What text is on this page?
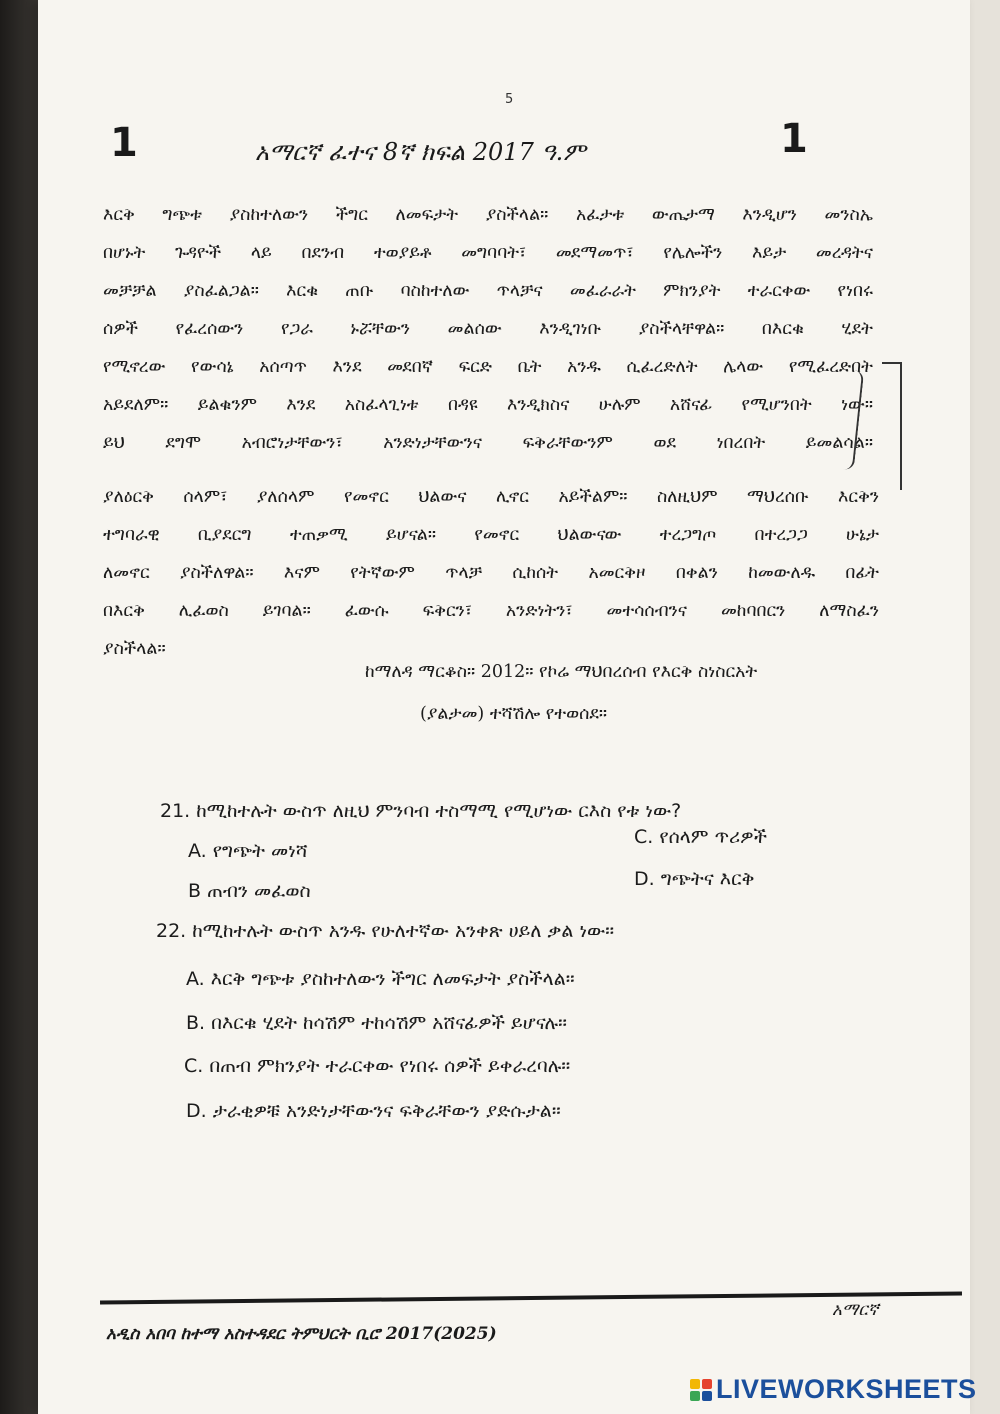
5
1	1
አማርኛ ፈተና 8ኛ ክፍል 2017 ዓ.ም
እርቅ ግጭቱ ያስከተለውን ችግር ለመፍታት ያስችላል። አፈታቱ ውጤታማ እንዲሆን መንስኤ
በሆኑት ጉዳዮች ላይ በደንብ ተወያይቶ መግባባት፣ መደማመጥ፣ የሌሎችን እይታ መረዳትና
መቻቻል ያስፈልጋል። እርቁ ጠቡ ባስከተለው ጥላቻና መፈራራት ምክንያት ተራርቀው የነበሩ
ሰዎች የፈረሰውን የጋራ ኑሯቸውን መልሰው እንዲገነቡ ያስችላቸዋል። በእርቁ ሂደት
የሚኖረው የውሳኔ አሰጣጥ እንደ መደበኛ ፍርድ ቤት አንዱ ሲፈረድለት ሌላው የሚፈረድበት
አይደለም። ይልቁንም እንደ አስፈላጊነቱ በዳዩ እንዲክስና ሁሉም አሸናፊ የሚሆንበት ነው።
ይህ ደግሞ አብሮነታቸውን፣ አንድነታቸውንና ፍቅራቸውንም ወደ ነበረበት ይመልሳል።
ያለዕርቅ ሰላም፣ ያለሰላም የመኖር ህልውና ሊኖር አይችልም። ስለዚህም ማህረሰቡ እርቅን
ተግባራዊ ቢያደርግ ተጠቃሚ ይሆናል። የመኖር ህልውናው ተረጋግጦ በተረጋጋ ሁኔታ
ለመኖር ያስችለዋል። እናም የትኛውም ጥላቻ ሲከሰት አመርቅዞ በቀልን ከመውለዱ በፊት
በእርቅ ሊፈወስ ይገባል። ፈውሱ ፍቅርን፣ አንድነትን፣ መተሳሰብንና መከባበርን ለማስፈን
ያስችላል።
ከማለዳ ማርቆስ። 2012። የኮሬ ማህበረሰብ የእርቅ ስነስርአት
(ያልታመ) ተሻሽሎ የተወሰደ።
21. ከሚከተሉት ውስጥ ለዚህ ምንባብ ተስማሚ የሚሆነው ርእስ የቱ ነው?
A. የግጭት መነሻ
B ጠብን መፈወስ
C. የሰላም ጥሪዎች
D. ግጭትና እርቅ
22. ከሚከተሉት ውስጥ አንዱ የሁለተኛው አንቀጽ ሀይለ ቃል ነው።
A. እርቅ ግጭቱ ያስከተለውን ችግር ለመፍታት ያስችላል።
B. በእርቁ ሂደት ከሳሽም ተከሳሽም አሸናፊዎች ይሆናሉ።
C. በጠብ ምክንያት ተራርቀው የነበሩ ሰዎች ይቀራረባሉ።
D. ታራቂዎቹ አንድነታቸውንና ፍቅራቸውን ያድሱታል።
አዲስ አበባ ከተማ አስተዳደር ትምህርት ቢሮ 2017(2025)
አማርኛ
LIVEWORKSHEETS
